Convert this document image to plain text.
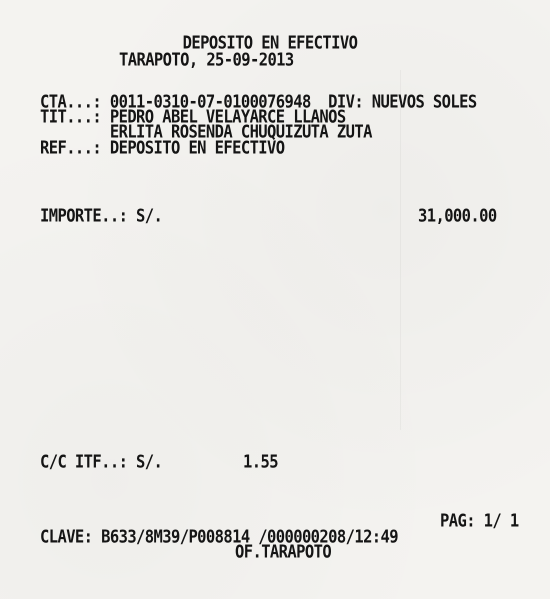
DEPOSITO EN EFECTIVO
TARAPOTO, 25-09-2013
CTA...: 0011-0310-07-0100076948  DIV: NUEVOS SOLES
TIT...: PEDRO ABEL VELAYARCE LLANOS
ERLITA ROSENDA CHUQUIZUTA ZUTA
REF...: DEPOSITO EN EFECTIVO
IMPORTE..: S/.	31,000.00
C/C ITF..: S/.	1.55
PAG: 1/ 1
CLAVE: B633/8M39/P008814 /000000208/12:49
OF.TARAPOTO
